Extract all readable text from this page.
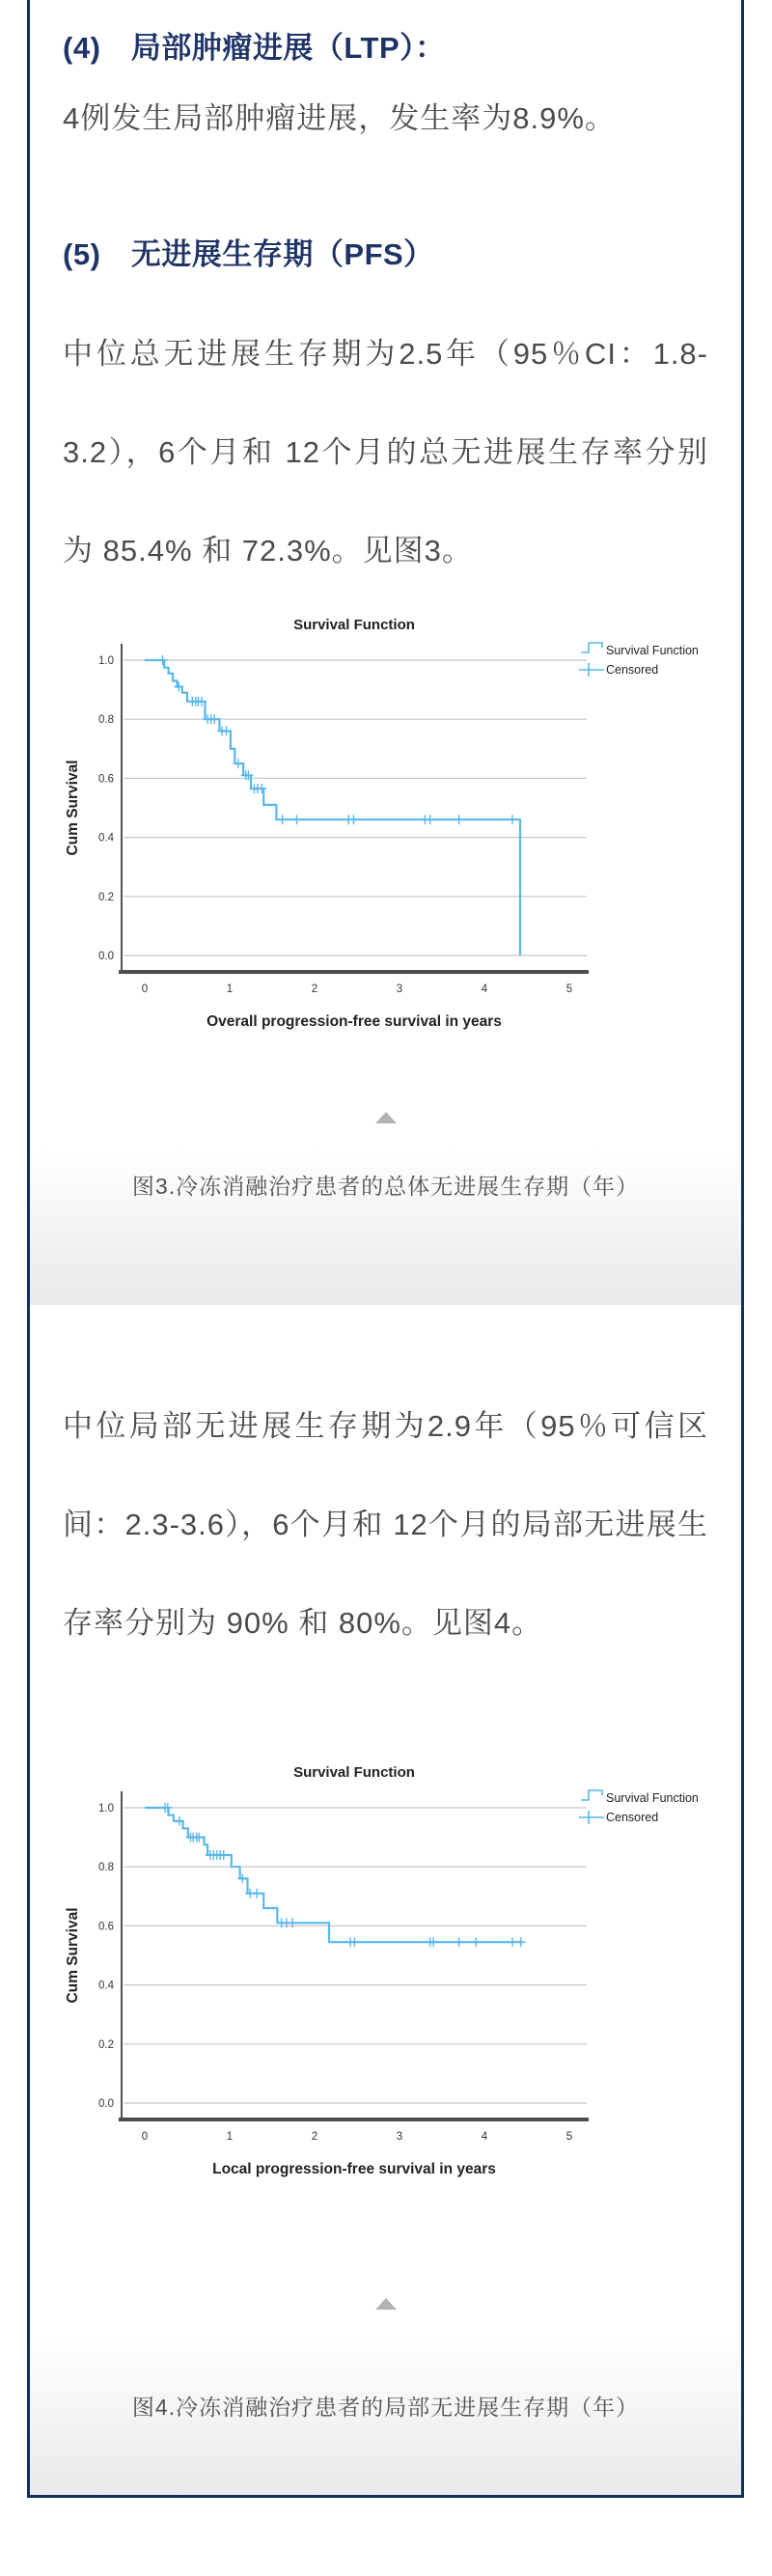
(4)　局部肿瘤进展（LTP）：

4例发生局部肿瘤进展，发生率为8.9%。

(5)　无进展生存期（PFS）

中位总无进展生存期为2.5年（95％CI：1.8-3.2），6个月和 12个月的总无进展生存率分别为 85.4% 和 72.3%。见图3。

0.0
0.2
0.4
0.6
0.8
1.0
0	1	2	3	4	5
Survival Function
Overall progression-free survival in years
Cum Survival
Survival Function
Censored

图3.冷冻消融治疗患者的总体无进展生存期（年）

中位局部无进展生存期为2.9年（95％可信区间：2.3-3.6），6个月和 12个月的局部无进展生存率分别为 90% 和 80%。见图4。

0.0
0.2
0.4
0.6
0.8
1.0
0	1	2	3	4	5
Survival Function
Local progression-free survival in years
Cum Survival
Survival Function
Censored

图4.冷冻消融治疗患者的局部无进展生存期（年）
